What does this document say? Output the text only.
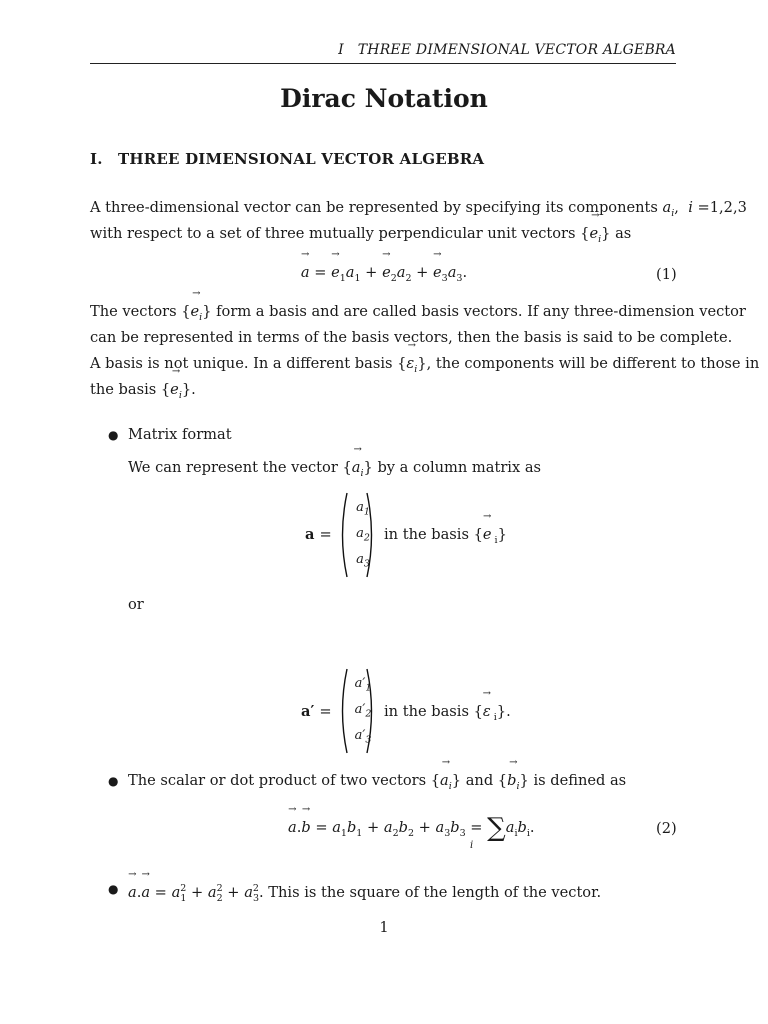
I   THREE DIMENSIONAL VECTOR ALGEBRA
Dirac Notation
I. THREE DIMENSIONAL VECTOR ALGEBRA
A three-dimensional vector can be represented by specifying its components $a_i$,  i =1,2,3
with respect to a set of three mutually perpendicular unit vectors {→ $e_i$} as
→ a = → $e_1a_1$ + → $e_2a_2$ + → $e_3a_3$.	(1)
The vectors {→ $e_i$} form a basis and are called basis vectors. If any three-dimension vector
can be represented in terms of the basis vectors, then the basis is said to be complete.
A basis is not unique. In a different basis {→ $\varepsilon_i$}, the components will be different to those in
the basis {→ $e_i$}.
● Matrix format
We can represent the vector {→ $a_i$} by a column matrix as
a =
$a_1$
$a_2$
$a_3$
in the basis {→ e $_i$}
or
a′ =
$a'_1$
$a'_2$
$a'_3$
in the basis {→ ε $_i$}.
● The scalar or dot product of two vectors {→ $a_i$} and {→ $b_i$} is defined as
→ $a.\to b = a_1b_1 + a_2b_2 + a_3b_3 = \sum a_ib_i$.
i
(2)
●
→ $a.\to a = a^2_1 + a^2_2 + a^2_3$. This is the square of the length of the vector.
1
